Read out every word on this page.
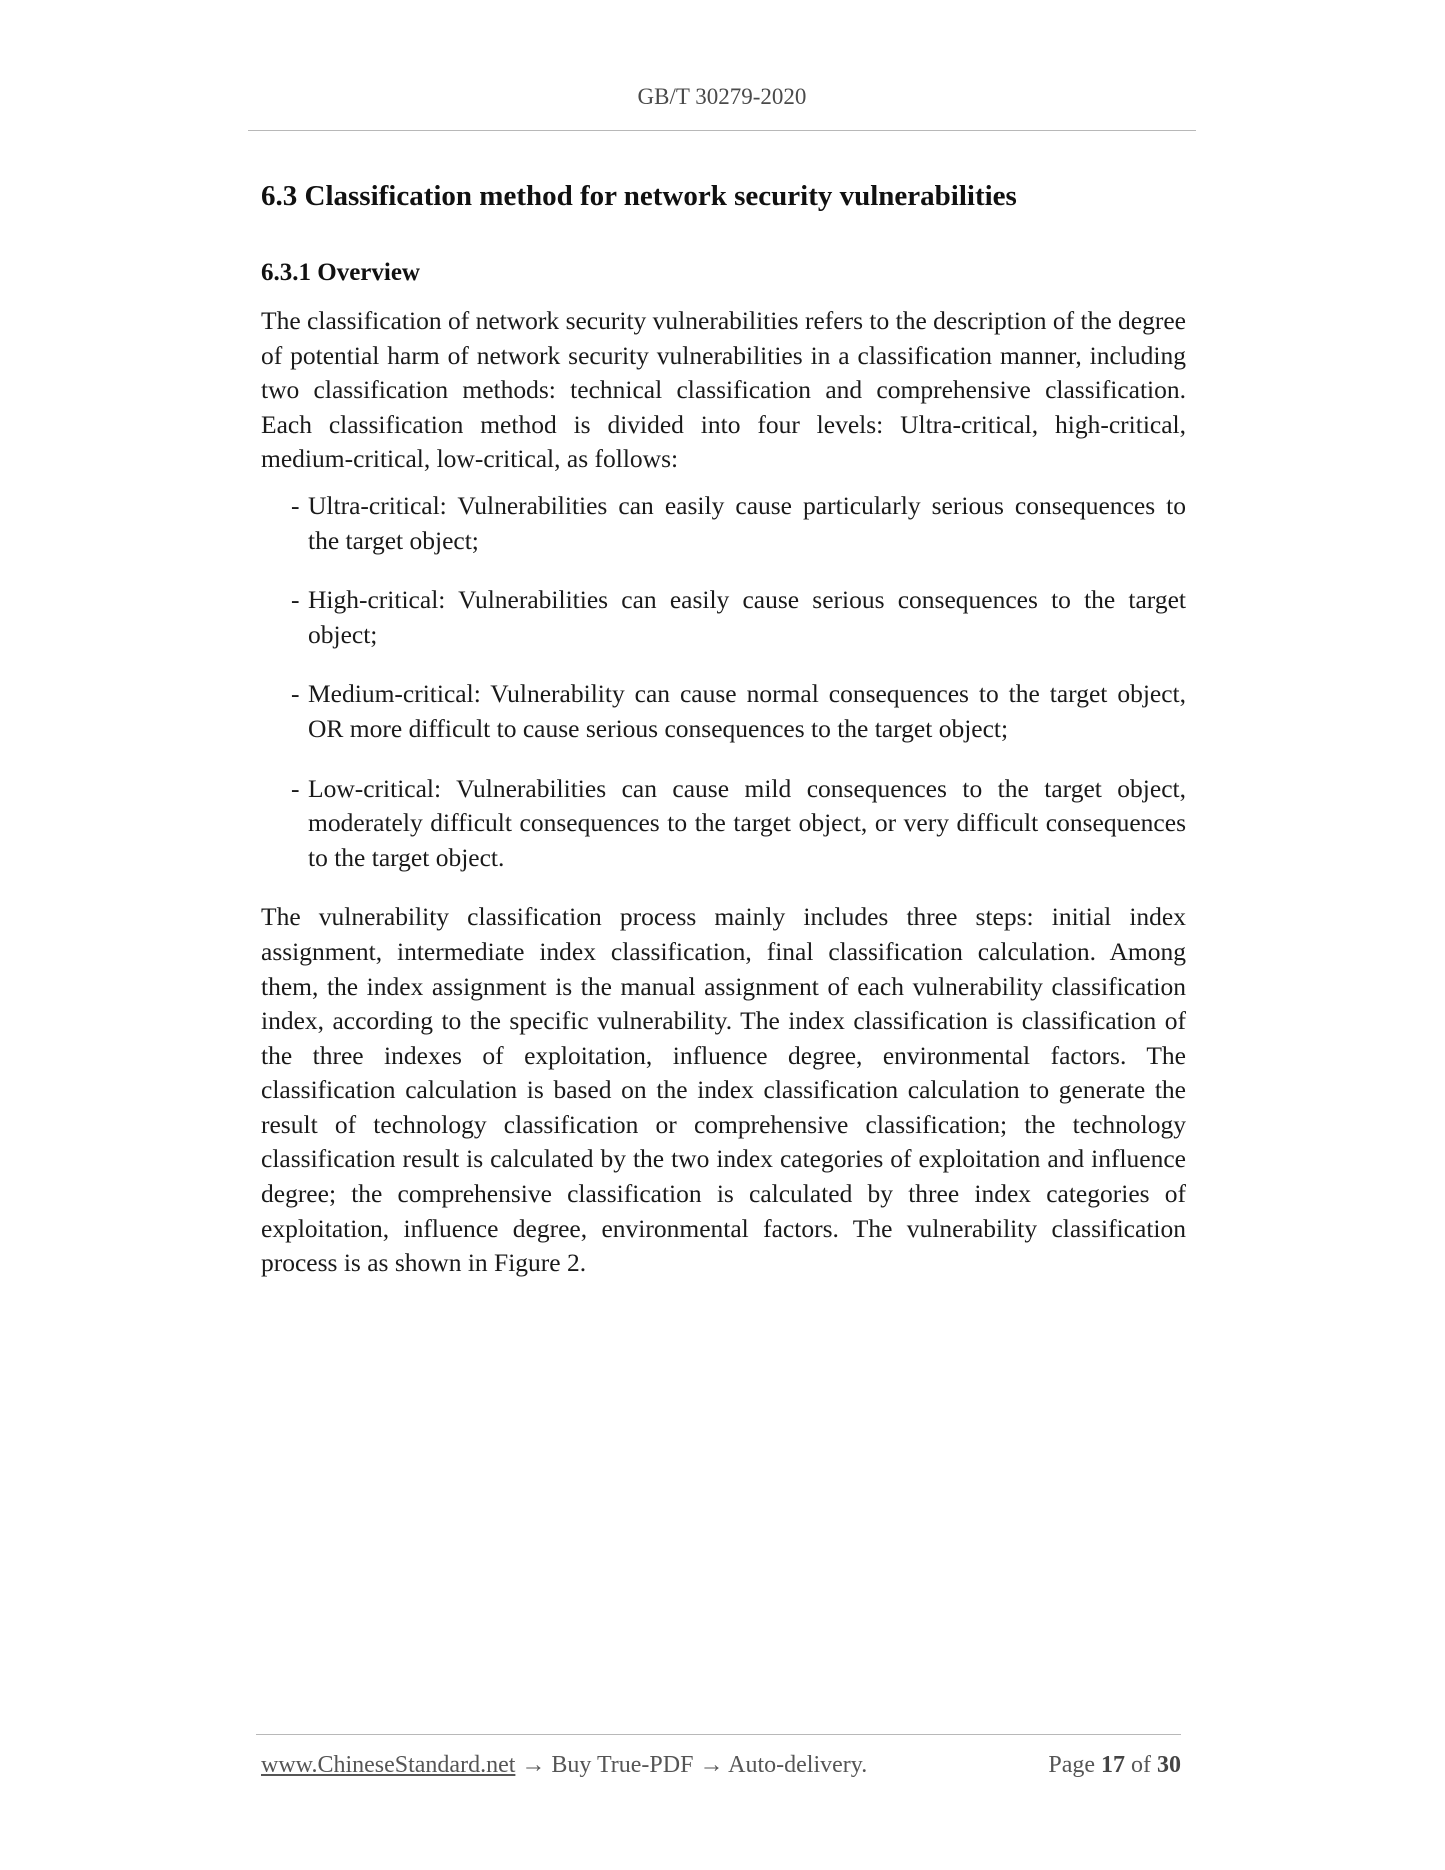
GB/T 30279-2020
6.3 Classification method for network security vulnerabilities
6.3.1 Overview

The classification of network security vulnerabilities refers to the description of the degree of potential harm of network security vulnerabilities in a classification manner, including two classification methods: technical classification and comprehensive classification. Each classification method is divided into four levels: Ultra-critical, high-critical, medium-critical, low-critical, as follows:

- Ultra-critical: Vulnerabilities can easily cause particularly serious consequences to the target object;
- High-critical: Vulnerabilities can easily cause serious consequences to the target object;
- Medium-critical: Vulnerability can cause normal consequences to the target object, OR more difficult to cause serious consequences to the target object;
- Low-critical: Vulnerabilities can cause mild consequences to the target object, moderately difficult consequences to the target object, or very difficult consequences to the target object.

The vulnerability classification process mainly includes three steps: initial index assignment, intermediate index classification, final classification calculation. Among them, the index assignment is the manual assignment of each vulnerability classification index, according to the specific vulnerability. The index classification is classification of the three indexes of exploitation, influence degree, environmental factors. The classification calculation is based on the index classification calculation to generate the result of technology classification or comprehensive classification; the technology classification result is calculated by the two index categories of exploitation and influence degree; the comprehensive classification is calculated by three index categories of exploitation, influence degree, environmental factors. The vulnerability classification process is as shown in Figure 2.

www.ChineseStandard.net → Buy True-PDF → Auto-delivery.	Page 17 of 30
